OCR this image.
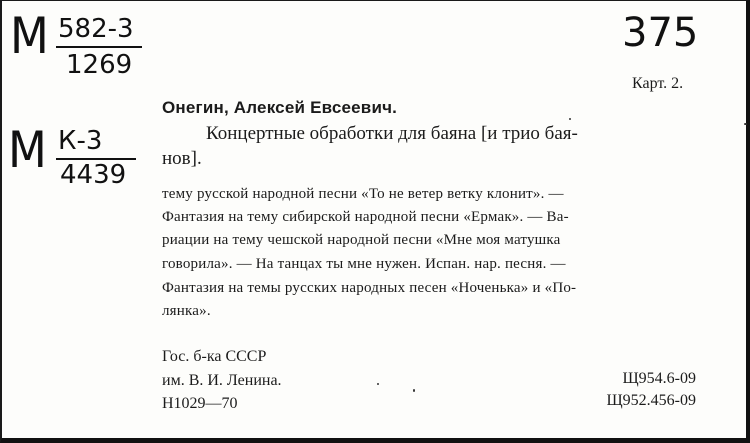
М 582-3
1269
М К-3
4439
375
Карт. 2.
Онегин, Алексей Евсеевич.
Концертные обработки для баяна [и трио бая-
нов].
тему русской народной песни «То не ветер ветку клонит». —
Фантазия на тему сибирской народной песни «Ермак». — Ва-
риации на тему чешской народной песни «Мне моя матушка
говорила». — На танцах ты мне нужен. Испан. нар. песня. —
Фантазия на темы русских народных песен «Ноченька» и «По-
лянка».
Гос. б-ка СССР
им. В. И. Ленина.
Н1029—70
Щ954.6-09
Щ952.456-09
